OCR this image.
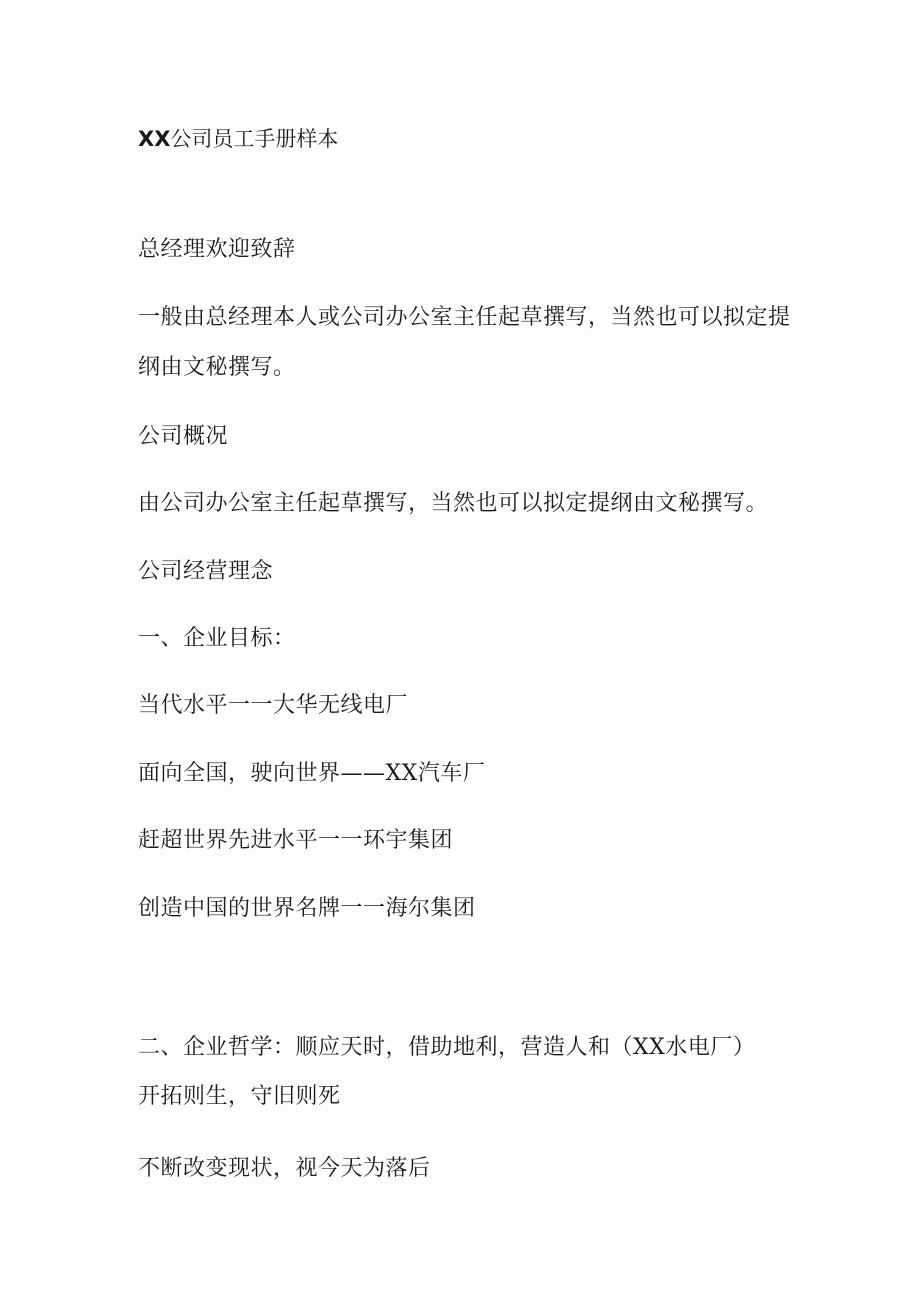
XX公司员工手册样本

总经理欢迎致辞

一般由总经理本人或公司办公室主任起草撰写，当然也可以拟定提

纲由文秘撰写。

公司概况

由公司办公室主任起草撰写，当然也可以拟定提纲由文秘撰写。

公司经营理念

一、企业目标：

当代水平一一大华无线电厂

面向全国，驶向世界——XX汽车厂

赶超世界先进水平一一环宇集团

创造中国的世界名牌一一海尔集团

二、企业哲学：顺应天时，借助地利，营造人和（XX水电厂）

开拓则生，守旧则死

不断改变现状，视今天为落后
